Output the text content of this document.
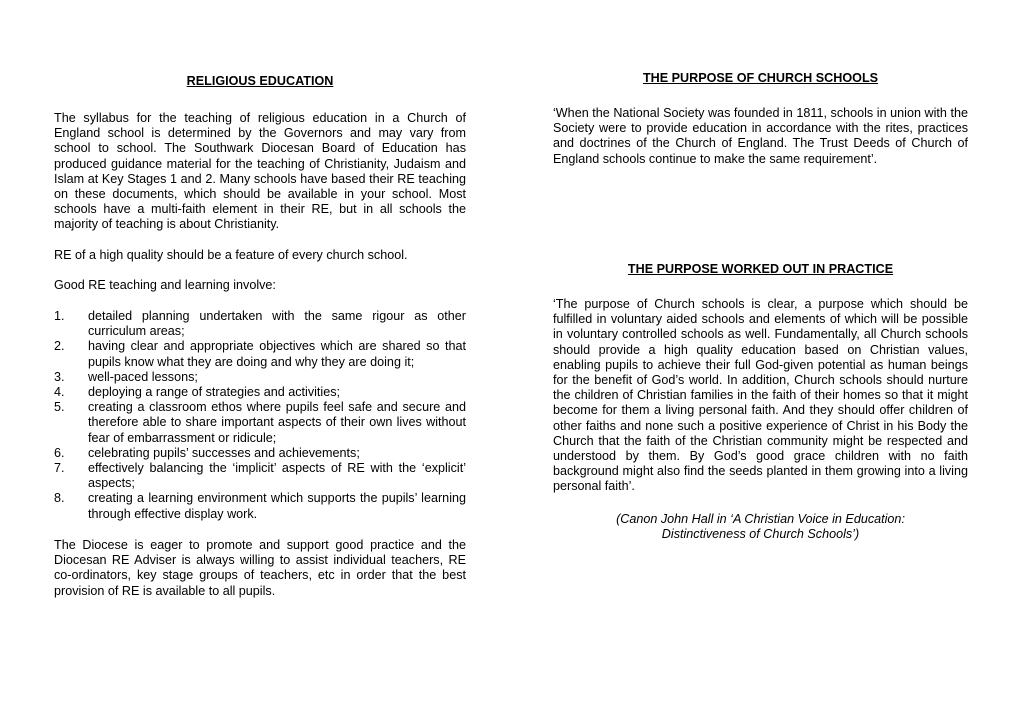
RELIGIOUS EDUCATION

The syllabus for the teaching of religious education in a Church of England school is determined by the Governors and may vary from school to school. The Southwark Diocesan Board of Education has produced guidance material for the teaching of Christianity, Judaism and Islam at Key Stages 1 and 2. Many schools have based their RE teaching on these documents, which should be available in your school. Most schools have a multi-faith element in their RE, but in all schools the majority of teaching is about Christianity.

RE of a high quality should be a feature of every church school.

Good RE teaching and learning involve:

1. detailed planning undertaken with the same rigour as other curriculum areas;
2. having clear and appropriate objectives which are shared so that pupils know what they are doing and why they are doing it;
3. well-paced lessons;
4. deploying a range of strategies and activities;
5. creating a classroom ethos where pupils feel safe and secure and therefore able to share important aspects of their own lives without fear of embarrassment or ridicule;
6. celebrating pupils’ successes and achievements;
7. effectively balancing the ‘implicit’ aspects of RE with the ‘explicit’ aspects;
8. creating a learning environment which supports the pupils’ learning through effective display work.

The Diocese is eager to promote and support good practice and the Diocesan RE Adviser is always willing to assist individual teachers, RE co-ordinators, key stage groups of teachers, etc in order that the best provision of RE is available to all pupils.

THE PURPOSE OF CHURCH SCHOOLS

‘When the National Society was founded in 1811, schools in union with the Society were to provide education in accordance with the rites, practices and doctrines of the Church of England. The Trust Deeds of Church of England schools continue to make the same requirement’.

THE PURPOSE WORKED OUT IN PRACTICE

‘The purpose of Church schools is clear, a purpose which should be fulfilled in voluntary aided schools and elements of which will be possible in voluntary controlled schools as well. Fundamentally, all Church schools should provide a high quality education based on Christian values, enabling pupils to achieve their full God-given potential as human beings for the benefit of God’s world. In addition, Church schools should nurture the children of Christian families in the faith of their homes so that it might become for them a living personal faith. And they should offer children of other faiths and none such a positive experience of Christ in his Body the Church that the faith of the Christian community might be respected and understood by them. By God’s good grace children with no faith background might also find the seeds planted in them growing into a living personal faith’.

(Canon John Hall in ‘A Christian Voice in Education:
Distinctiveness of Church Schools’)
